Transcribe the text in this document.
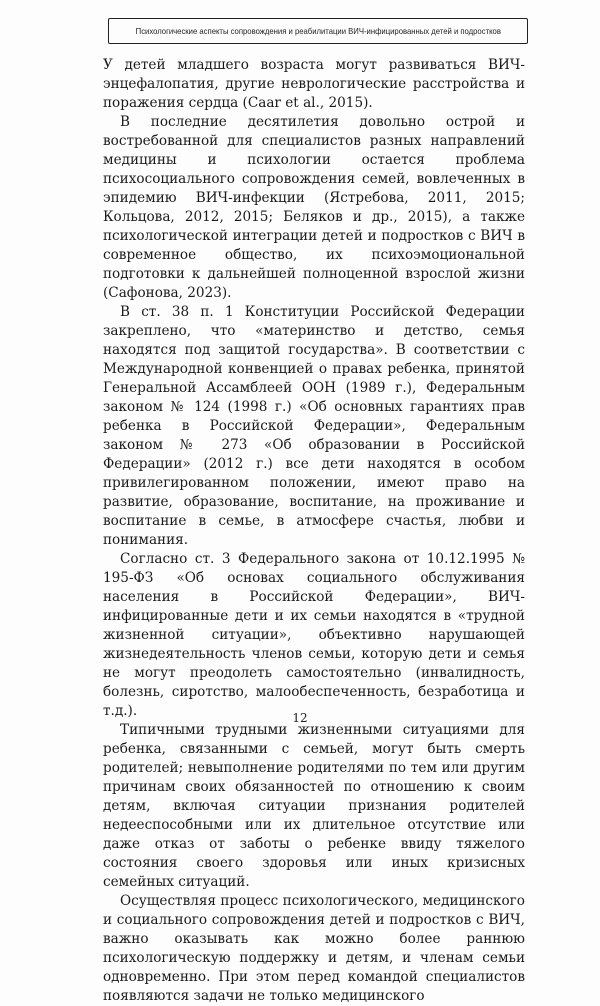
Психологические аспекты сопровождения и реабилитации ВИЧ-инфицированных детей и подростков

У детей младшего возраста могут развиваться ВИЧ-энцефалопатия, другие неврологические расстройства и поражения сердца (Caar et al., 2015).

В последние десятилетия довольно острой и востребованной для специалистов разных направлений медицины и психологии остается проблема психосоциального сопровождения семей, вовлеченных в эпидемию ВИЧ-инфекции (Ястребова, 2011, 2015; Кольцова, 2012, 2015; Беляков и др., 2015), а также психологической интеграции детей и подростков с ВИЧ в современное общество, их психоэмоциональной подготовки к дальнейшей полноценной взрослой жизни (Сафонова, 2023).

В ст. 38 п. 1 Конституции Российской Федерации закреплено, что «материнство и детство, семья находятся под защитой государства». В соответствии с Международной конвенцией о правах ребенка, принятой Генеральной Ассамблеей ООН (1989 г.), Федеральным законом № 124 (1998 г.) «Об основных гарантиях прав ребенка в Российской Федерации», Федеральным законом № 273 «Об образовании в Российской Федерации» (2012 г.) все дети находятся в особом привилегированном положении, имеют право на развитие, образование, воспитание, на проживание и воспитание в семье, в атмосфере счастья, любви и понимания.

Согласно ст. 3 Федерального закона от 10.12.1995 № 195-ФЗ «Об основах социального обслуживания населения в Российской Федерации», ВИЧ-инфицированные дети и их семьи находятся в «трудной жизненной ситуации», объективно нарушающей жизнедеятельность членов семьи, которую дети и семья не могут преодолеть самостоятельно (инвалидность, болезнь, сиротство, малообеспеченность, безработица и т.д.).

Типичными трудными жизненными ситуациями для ребенка, связанными с семьей, могут быть смерть родителей; невыполнение родителями по тем или другим причинам своих обязанностей по отношению к своим детям, включая ситуации признания родителей недееспособными или их длительное отсутствие или даже отказ от заботы о ребенке ввиду тяжелого состояния своего здоровья или иных кризисных семейных ситуаций.

Осуществляя процесс психологического, медицинского и социального сопровождения детей и подростков с ВИЧ, важно оказывать как можно более раннюю психологическую поддержку и детям, и членам семьи одновременно. При этом перед командой специалистов появляются задачи не только медицинского

12
